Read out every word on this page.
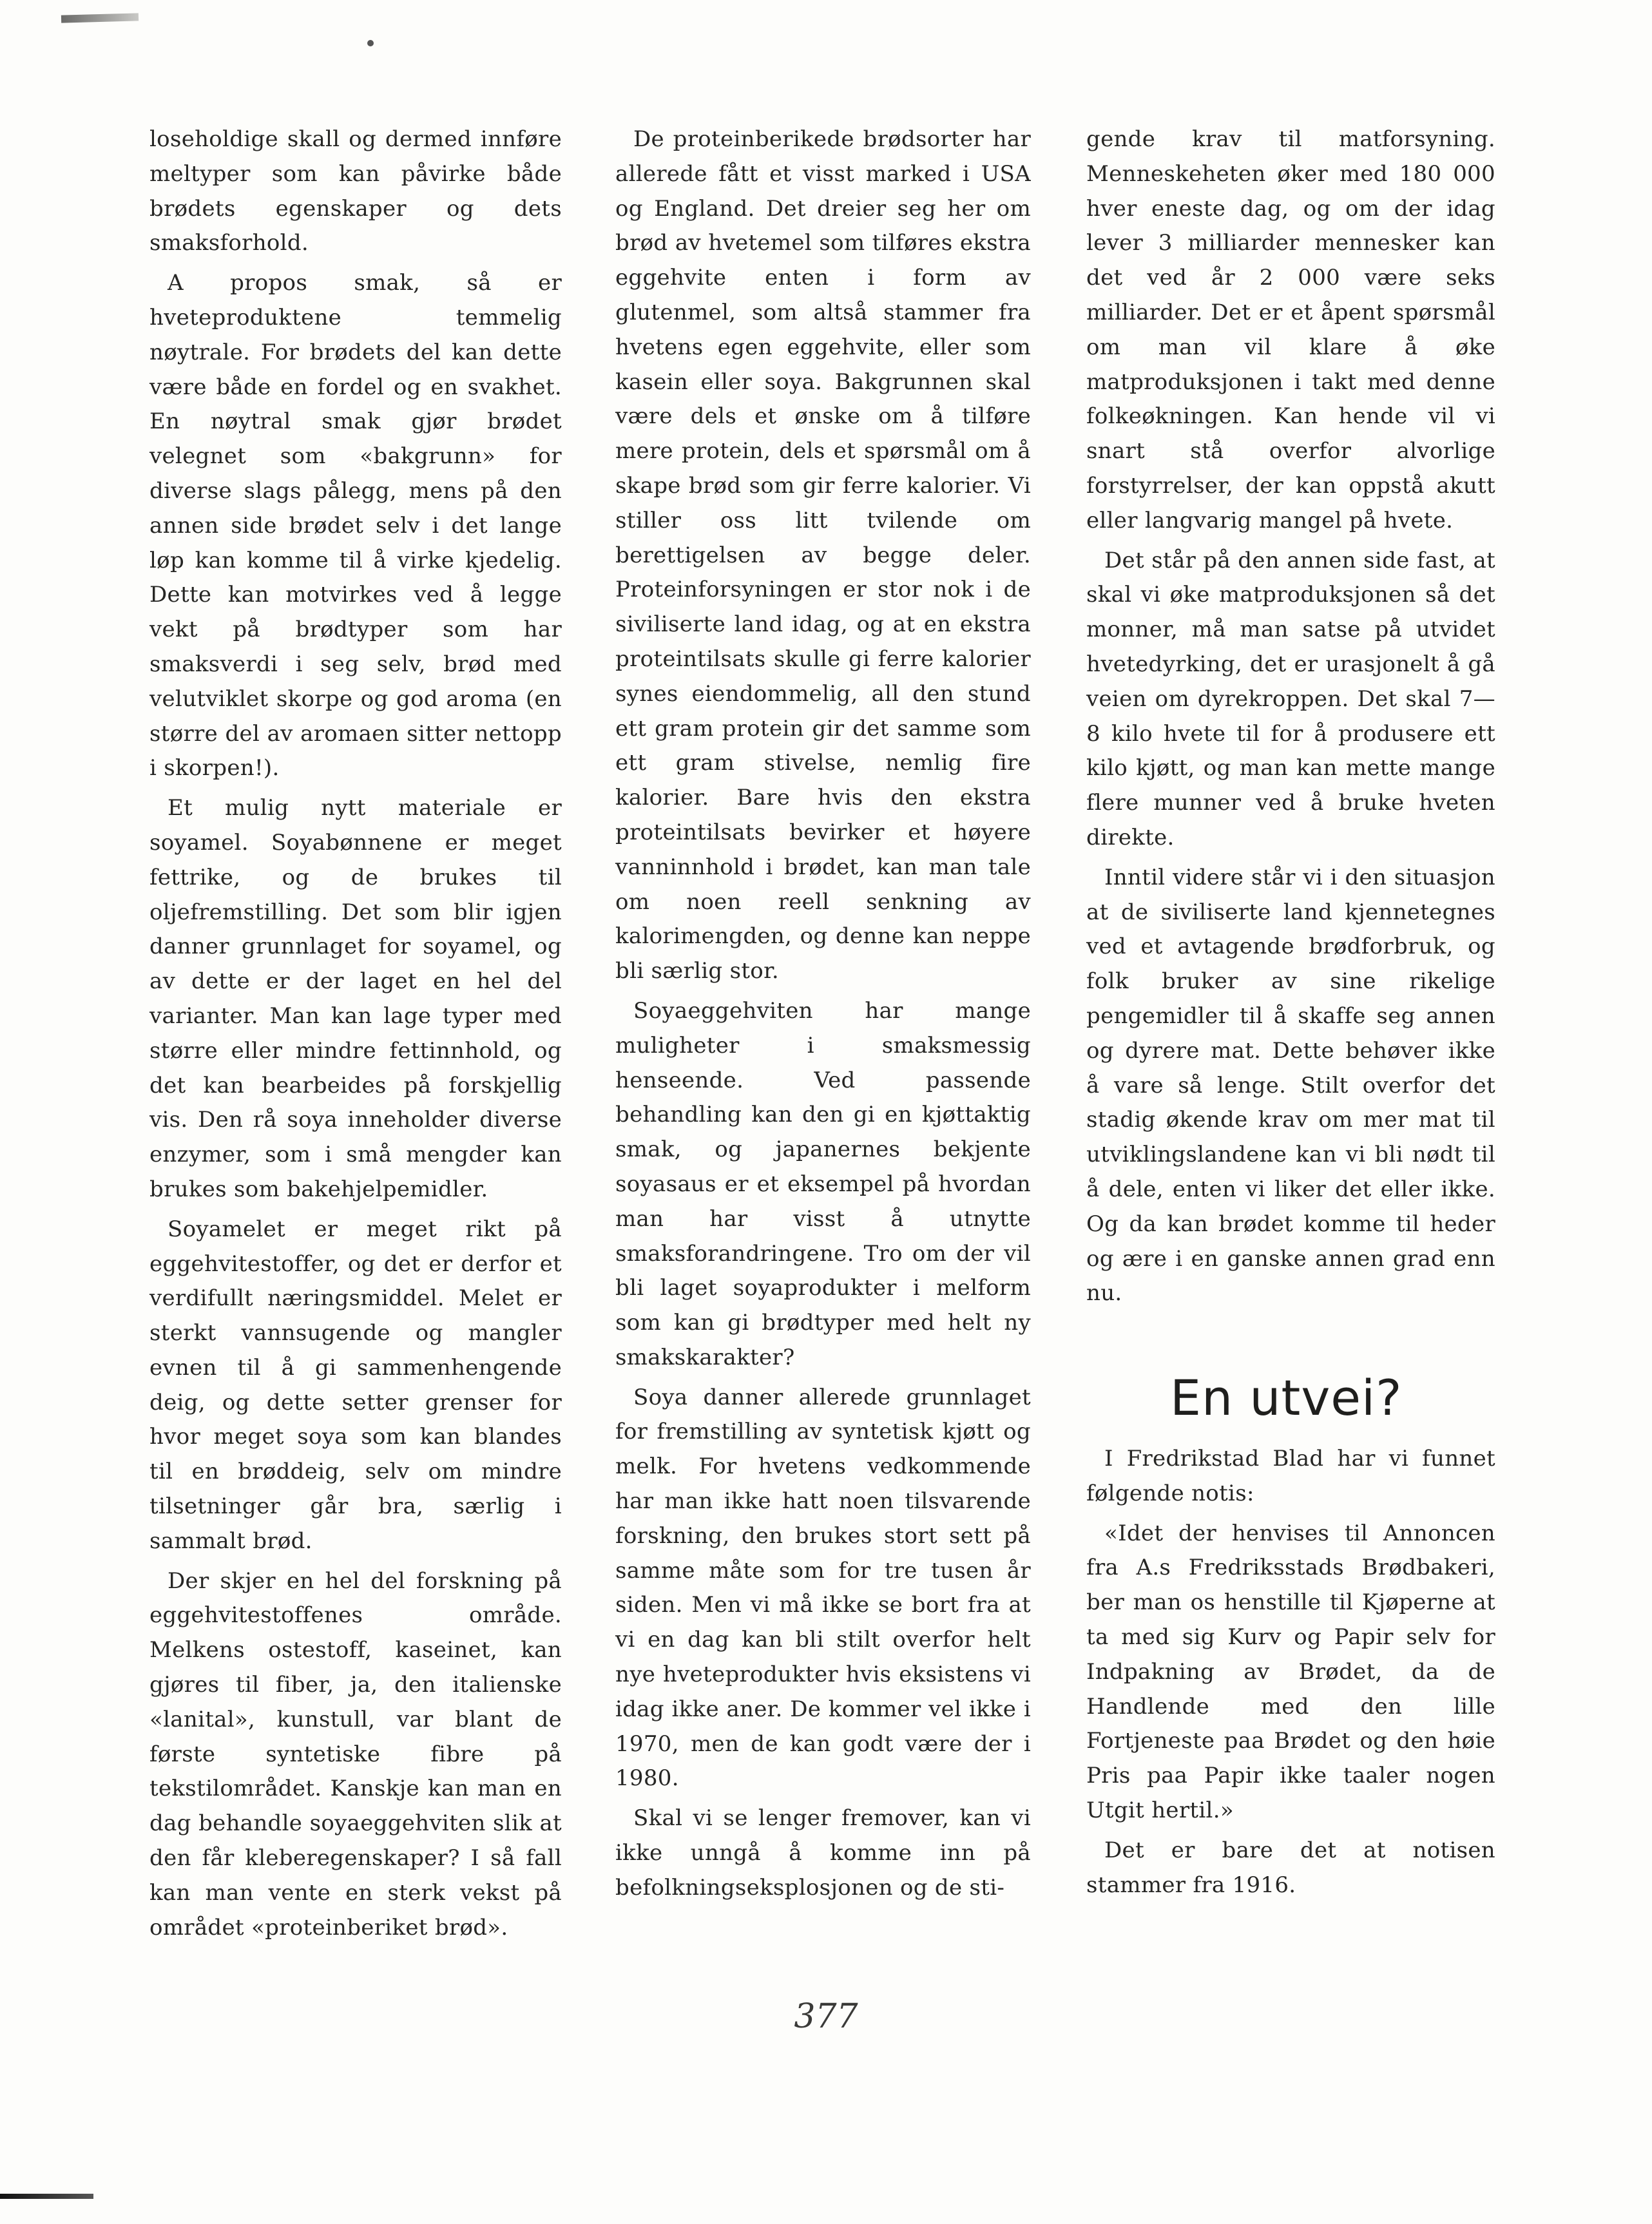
loseholdige skall og dermed innføre meltyper som kan påvirke både brødets egenskaper og dets smaksforhold.

A propos smak, så er hveteproduktene temmelig nøytrale. For brødets del kan dette være både en fordel og en svakhet. En nøytral smak gjør brødet velegnet som «bakgrunn» for diverse slags pålegg, mens på den annen side brødet selv i det lange løp kan komme til å virke kjedelig. Dette kan motvirkes ved å legge vekt på brødtyper som har smaksverdi i seg selv, brød med velutviklet skorpe og god aroma (en større del av aromaen sitter nettopp i skorpen!).

Et mulig nytt materiale er soyamel. Soyabønnene er meget fettrike, og de brukes til oljefremstilling. Det som blir igjen danner grunnlaget for soyamel, og av dette er der laget en hel del varianter. Man kan lage typer med større eller mindre fettinnhold, og det kan bearbeides på forskjellig vis. Den rå soya inneholder diverse enzymer, som i små mengder kan brukes som bakehjelpemidler.

Soyamelet er meget rikt på eggehvitestoffer, og det er derfor et verdifullt næringsmiddel. Melet er sterkt vannsugende og mangler evnen til å gi sammenhengende deig, og dette setter grenser for hvor meget soya som kan blandes til en brøddeig, selv om mindre tilsetninger går bra, særlig i sammalt brød.

Der skjer en hel del forskning på eggehvitestoffenes område. Melkens ostestoff, kaseinet, kan gjøres til fiber, ja, den italienske «lanital», kunstull, var blant de første syntetiske fibre på tekstilområdet. Kanskje kan man en dag behandle soyaeggehviten slik at den får kleberegenskaper? I så fall kan man vente en sterk vekst på området «proteinberiket brød».

De proteinberikede brødsorter har allerede fått et visst marked i USA og England. Det dreier seg her om brød av hvetemel som tilføres ekstra eggehvite enten i form av glutenmel, som altså stammer fra hvetens egen eggehvite, eller som kasein eller soya. Bakgrunnen skal være dels et ønske om å tilføre mere protein, dels et spørsmål om å skape brød som gir ferre kalorier. Vi stiller oss litt tvilende om berettigelsen av begge deler. Proteinforsyningen er stor nok i de siviliserte land idag, og at en ekstra proteintilsats skulle gi ferre kalorier synes eiendommelig, all den stund ett gram protein gir det samme som ett gram stivelse, nemlig fire kalorier. Bare hvis den ekstra proteintilsats bevirker et høyere vanninnhold i brødet, kan man tale om noen reell senkning av kalorimengden, og denne kan neppe bli særlig stor.

Soyaeggehviten har mange muligheter i smaksmessig henseende. Ved passende behandling kan den gi en kjøttaktig smak, og japanernes bekjente soyasaus er et eksempel på hvordan man har visst å utnytte smaksforandringene. Tro om der vil bli laget soyaprodukter i melform som kan gi brødtyper med helt ny smakskarakter?

Soya danner allerede grunnlaget for fremstilling av syntetisk kjøtt og melk. For hvetens vedkommende har man ikke hatt noen tilsvarende forskning, den brukes stort sett på samme måte som for tre tusen år siden. Men vi må ikke se bort fra at vi en dag kan bli stilt overfor helt nye hveteprodukter hvis eksistens vi idag ikke aner. De kommer vel ikke i 1970, men de kan godt være der i 1980.

Skal vi se lenger fremover, kan vi ikke unngå å komme inn på befolkningseksplosjonen og de sti-

gende krav til matforsyning. Menneskeheten øker med 180 000 hver eneste dag, og om der idag lever 3 milliarder mennesker kan det ved år 2 000 være seks milliarder. Det er et åpent spørsmål om man vil klare å øke matproduksjonen i takt med denne folkeøkningen. Kan hende vil vi snart stå overfor alvorlige forstyrrelser, der kan oppstå akutt eller langvarig mangel på hvete.

Det står på den annen side fast, at skal vi øke matproduksjonen så det monner, må man satse på utvidet hvetedyrking, det er urasjonelt å gå veien om dyrekroppen. Det skal 7—8 kilo hvete til for å produsere ett kilo kjøtt, og man kan mette mange flere munner ved å bruke hveten direkte.

Inntil videre står vi i den situasjon at de siviliserte land kjennetegnes ved et avtagende brødforbruk, og folk bruker av sine rikelige pengemidler til å skaffe seg annen og dyrere mat. Dette behøver ikke å vare så lenge. Stilt overfor det stadig økende krav om mer mat til utviklingslandene kan vi bli nødt til å dele, enten vi liker det eller ikke. Og da kan brødet komme til heder og ære i en ganske annen grad enn nu.

En utvei?

I Fredrikstad Blad har vi funnet følgende notis:

«Idet der henvises til Annoncen fra A.s Fredriksstads Brødbakeri, ber man os henstille til Kjøperne at ta med sig Kurv og Papir selv for Indpakning av Brødet, da de Handlende med den lille Fortjeneste paa Brødet og den høie Pris paa Papir ikke taaler nogen Utgit hertil.»

Det er bare det at notisen stammer fra 1916.

377
